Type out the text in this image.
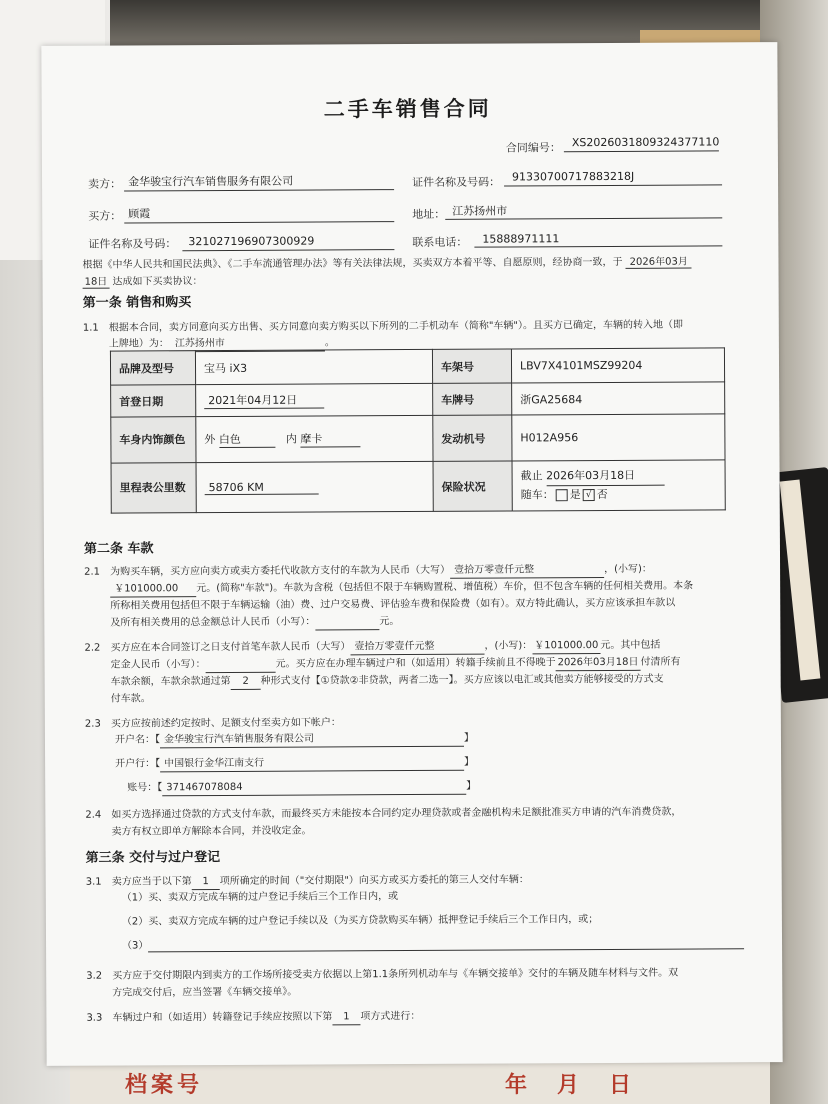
档案号	年　月　日
二手车销售合同
合同编号： XS20260318093243771​10
卖方： 金华骏宝行汽车销售服务有限公司	证件名称及号码： 91330700717883218J
买方： 顾霞	地址： 江苏扬州市
证件名称及号码： 321027196907300929	联系电话： 15888971111
根据《中华人民共和国民法典》、《二手车流通管理办法》等有关法律法规，买卖双方本着平等、自愿原则，经协商一致，于 2026年03月
18日 达成如下买卖协议：
第一条 销售和购买
1.1 根据本合同，卖方同意向买方出售、买方同意向卖方购买以下所列的二手机动车（简称"车辆"）。且买方已确定，车辆的转入地（即
上牌地）为： 江苏扬州市	。
品牌及型号	宝马 iX3	车架号	LBV7X4101MSZ99204
首登日期	2021年04月12日	车牌号	浙GA25684
车身内饰颜色	外 白色　 内 摩卡	发动机号	H012A956
里程表公里数	58706 KM	保险状况	截止 2026年03月18日
随车： 是 √ 否
第二条 车款
2.1 为购买车辆，买方应向卖方或卖方委托代收款方支付的车款为人民币（大写） 壹拾万零壹仟元整	，(小写)：
￥101000.00 元。(简称"车款")。车款为含税（包括但不限于车辆购置税、增值税）车价，但不包含车辆的任何相关费用。本条
所称相关费用包括但不限于车辆运输（油）费、过户交易费、评估验车费和保险费（如有）。双方特此确认，买方应该承担车款以
及所有相关费用的总金额总计人民币（小写）：	元。
2.2 买方应在本合同签订之日支付首笔车款人民币（大写） 壹拾万零壹仟元整	，(小写)： ￥101000.00 元。其中包括
定金人民币（小写）：	元。买方应在办理车辆过户和（如适用）转籍手续前且不得晚于 2026年03月18日 付清所有
车款余额，车款余款通过第 2 种形式支付【①贷款②非贷款，两者二选一】。买方应该以电汇或其他卖方能够接受的方式支
付车款。
2.3 买方应按前述约定按时、足额支付至卖方如下帐户：
开户名：【 金华骏宝行汽车销售服务有限公司	】
开户行：【 中国银行金华江南支行	】
账号：【 371467078084	】
2.4 如买方选择通过贷款的方式支付车款，而最终买方未能按本合同约定办理贷款或者金融机构未足额批准买方申请的汽车消费贷款，
卖方有权立即单方解除本合同，并没收定金。
第三条 交付与过户登记
3.1 卖方应当于以下第 1 项所确定的时间（"交付期限"）向买方或买方委托的第三人交付车辆：
（1）买、卖双方完成车辆的过户登记手续后三个工作日内，或
（2）买、卖双方完成车辆的过户登记手续以及（为买方贷款购买车辆）抵押登记手续后三个工作日内，或；
（3）
3.2 买方应于交付期限内到卖方的工作场所接受卖方依据以上第1.1条所列机动车与《车辆交接单》交付的车辆及随车材料与文件。双
方完成交付后，应当签署《车辆交接单》。
3.3 车辆过户和（如适用）转籍登记手续应按照以下第 1 项方式进行：
